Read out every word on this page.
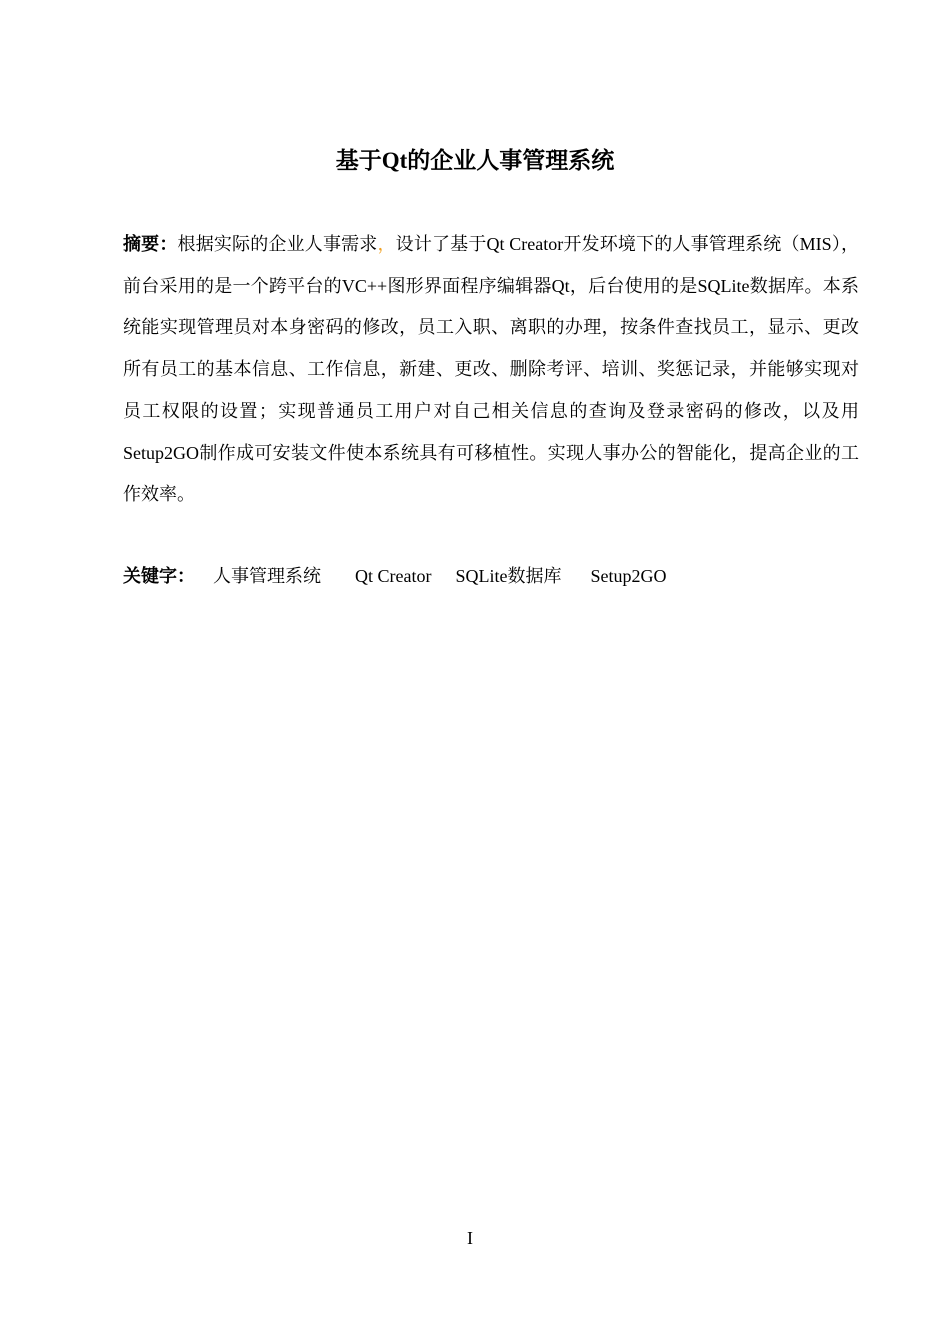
基于Qt的企业人事管理系统

摘要：根据实际的企业人事需求，设计了基于Qt Creator开发环境下的人事管理系统（MIS），前台采用的是一个跨平台的VC++图形界面程序编辑器Qt，后台使用的是SQLite数据库。本系统能实现管理员对本身密码的修改，员工入职、离职的办理，按条件查找员工，显示、更改所有员工的基本信息、工作信息，新建、更改、删除考评、培训、奖惩记录，并能够实现对员工权限的设置；实现普通员工用户对自己相关信息的查询及登录密码的修改，以及用Setup2GO制作成可安装文件使本系统具有可移植性。实现人事办公的智能化，提高企业的工作效率。

关键字： 人事管理系统 Qt Creator SQLite数据库 Setup2GO

I
